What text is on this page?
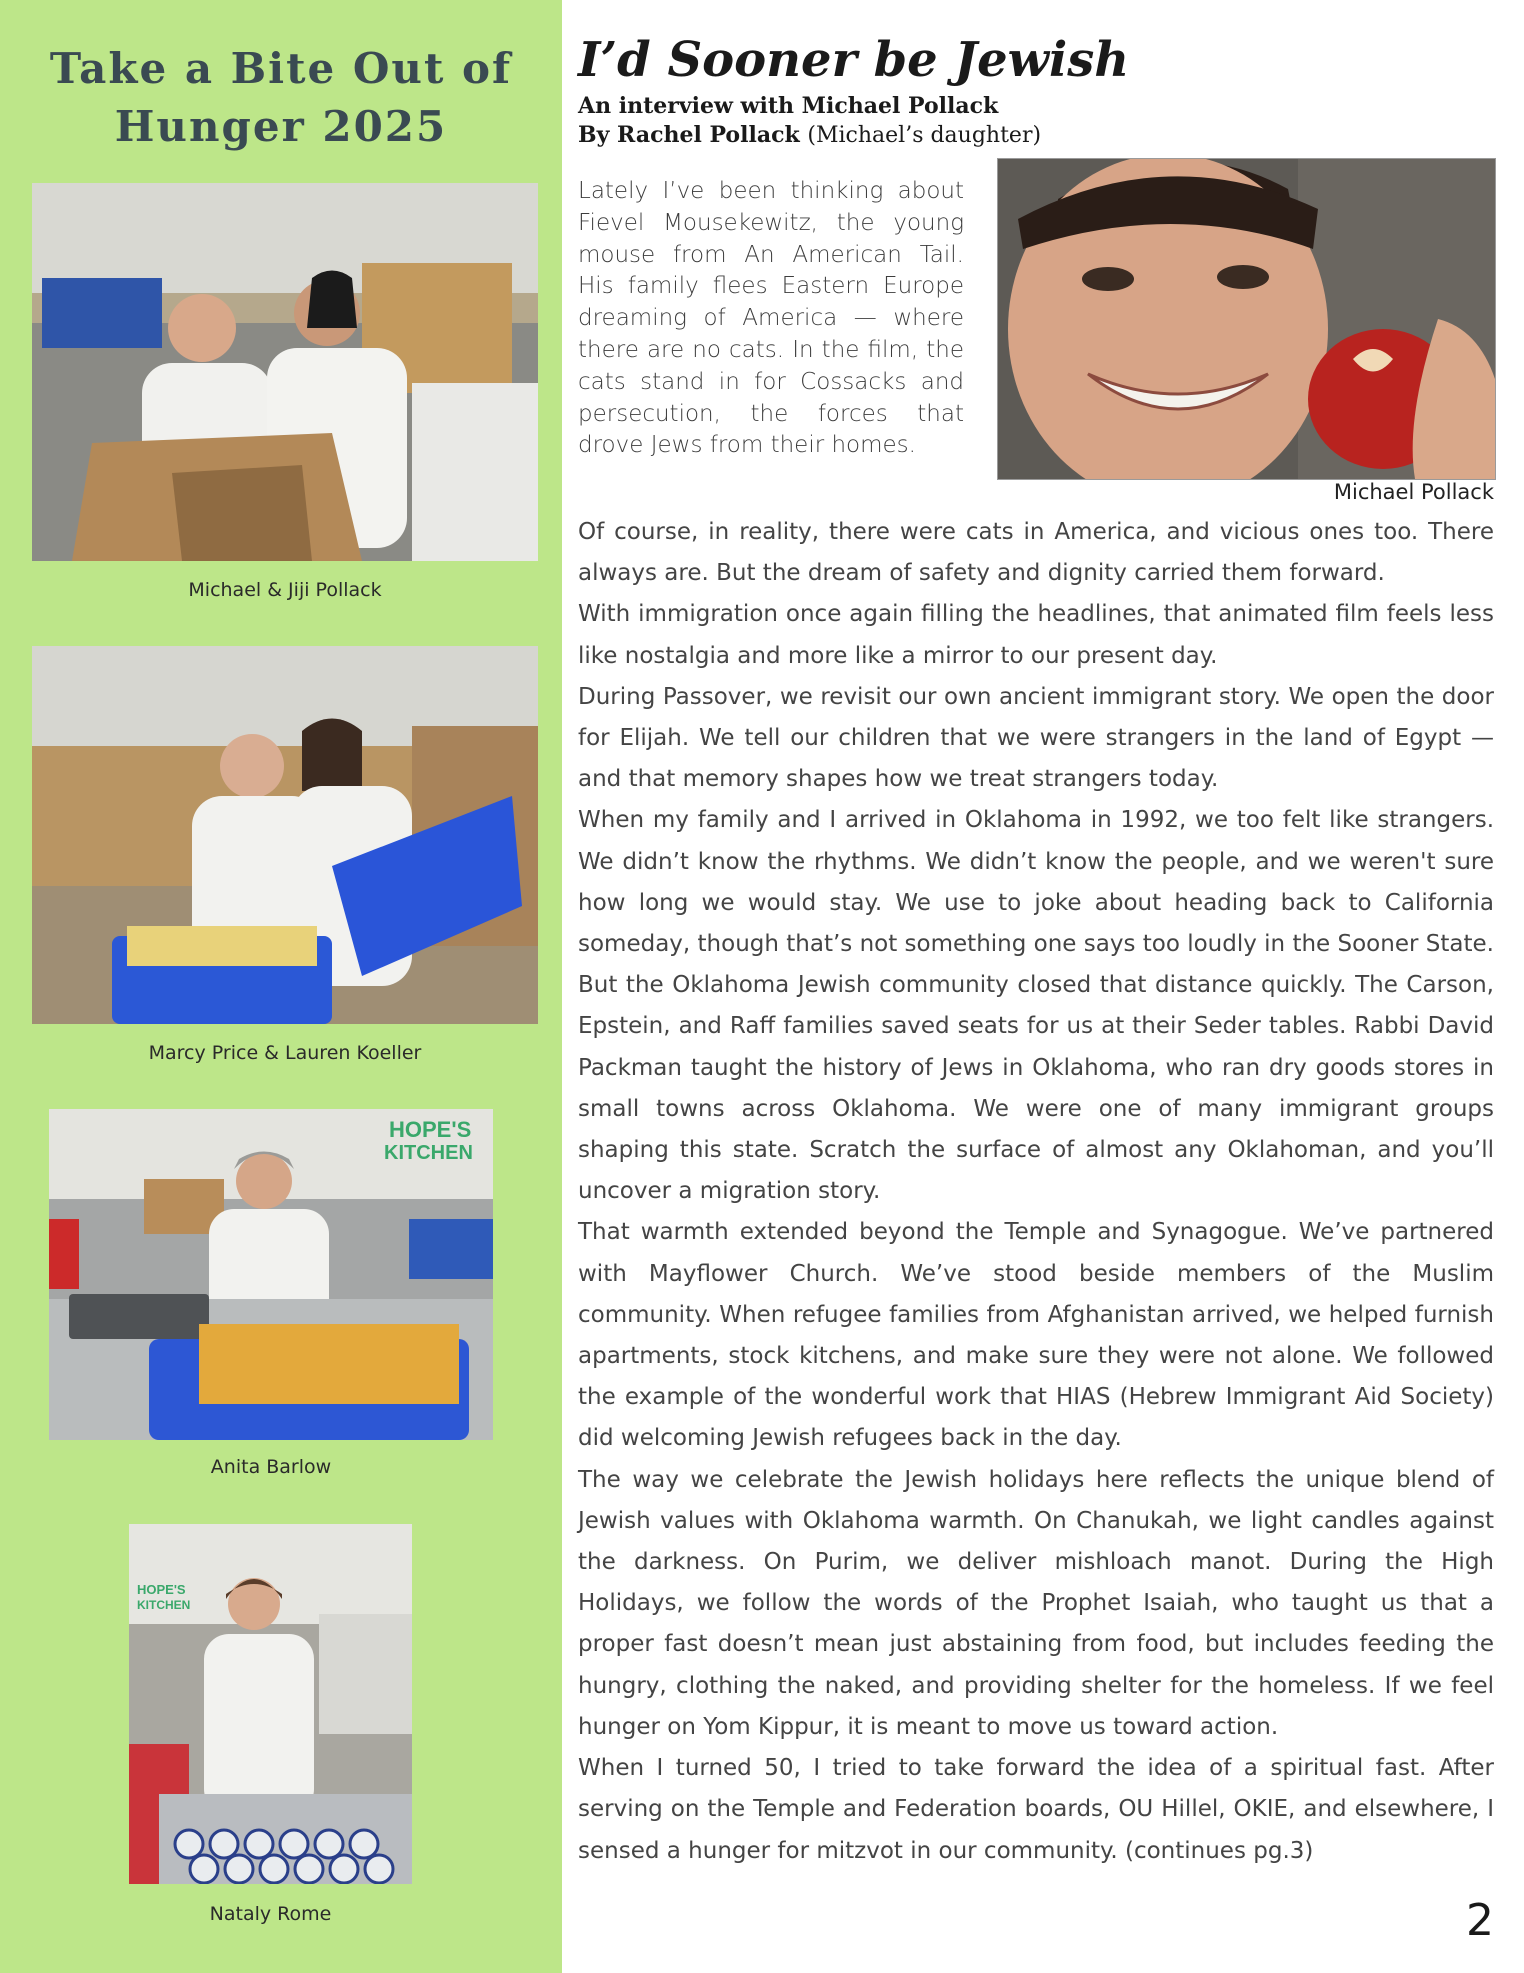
Take a Bite Out of
Hunger 2025
Michael & Jiji Pollack
Marcy Price & Lauren Koeller
HOPE'S
KITCHEN
Anita Barlow
HOPE'S
KITCHEN
Nataly Rome
I’d Sooner be Jewish
An interview with Michael Pollack
By Rachel Pollack (Michael’s daughter)

Lately I’ve been thinking about Fievel Mousekewitz, the young mouse from An American Tail. His family flees Eastern Europe dreaming of America — where there are no cats. In the film, the cats stand in for Cossacks and persecution, the forces that drove Jews from their homes.

Michael Pollack

Of course, in reality, there were cats in America, and vicious ones too. There always are. But the dream of safety and dignity carried them forward.

With immigration once again filling the headlines, that animated film feels less like nostalgia and more like a mirror to our present day.

During Passover, we revisit our own ancient immigrant story. We open the door for Elijah. We tell our children that we were strangers in the land of Egypt — and that memory shapes how we treat strangers today.

When my family and I arrived in Oklahoma in 1992, we too felt like strangers. We didn’t know the rhythms. We didn’t know the people, and we weren't sure how long we would stay. We use to joke about heading back to California someday, though that’s not something one says too loudly in the Sooner State.

But the Oklahoma Jewish community closed that distance quickly. The Carson, Epstein, and Raff families saved seats for us at their Seder tables. Rabbi David Packman taught the history of Jews in Oklahoma, who ran dry goods stores in small towns across Oklahoma. We were one of many immigrant groups shaping this state. Scratch the surface of almost any Oklahoman, and you’ll uncover a migration story.

That warmth extended beyond the Temple and Synagogue. We’ve partnered with Mayflower Church. We’ve stood beside members of the Muslim community. When refugee families from Afghanistan arrived, we helped furnish apartments, stock kitchens, and make sure they were not alone. We followed the example of the wonderful work that HIAS (Hebrew Immigrant Aid Society) did welcoming Jewish refugees back in the day.

The way we celebrate the Jewish holidays here reflects the unique blend of Jewish values with Oklahoma warmth. On Chanukah, we light candles against the darkness. On Purim, we deliver mishloach manot. During the High Holidays, we follow the words of the Prophet Isaiah, who taught us that a proper fast doesn’t mean just abstaining from food, but includes feeding the hungry, clothing the naked, and providing shelter for the homeless. If we feel hunger on Yom Kippur, it is meant to move us toward action.

When I turned 50, I tried to take forward the idea of a spiritual fast. After serving on the Temple and Federation boards, OU Hillel, OKIE, and elsewhere, I sensed a hunger for mitzvot in our community. (continues pg.3)

2
